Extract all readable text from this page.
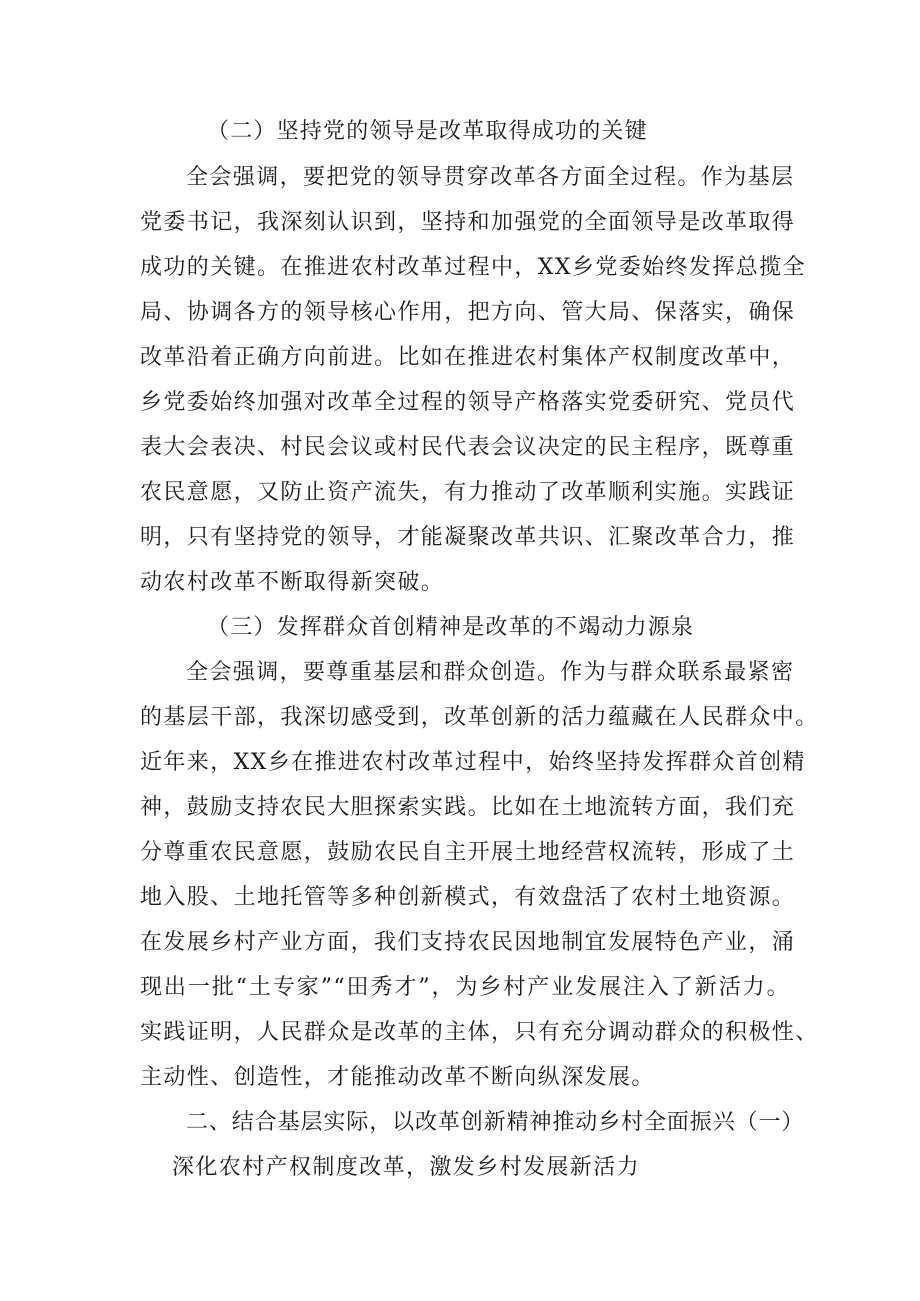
（二）坚持党的领导是改革取得成功的关键
全会强调，要把党的领导贯穿改革各方面全过程。作为基层
党委书记，我深刻认识到，坚持和加强党的全面领导是改革取得
成功的关键。在推进农村改革过程中，XX乡党委始终发挥总揽全
局、协调各方的领导核心作用，把方向、管大局、保落实，确保
改革沿着正确方向前进。比如在推进农村集体产权制度改革中，
乡党委始终加强对改革全过程的领导产格落实党委研究、党员代
表大会表决、村民会议或村民代表会议决定的民主程序，既尊重
农民意愿，又防止资产流失，有力推动了改革顺利实施。实践证
明，只有坚持党的领导，才能凝聚改革共识、汇聚改革合力，推
动农村改革不断取得新突破。
（三）发挥群众首创精神是改革的不竭动力源泉
全会强调，要尊重基层和群众创造。作为与群众联系最紧密
的基层干部，我深切感受到，改革创新的活力蕴藏在人民群众中。
近年来，XX乡在推进农村改革过程中，始终坚持发挥群众首创精
神，鼓励支持农民大胆探索实践。比如在土地流转方面，我们充
分尊重农民意愿，鼓励农民自主开展土地经营权流转，形成了土
地入股、土地托管等多种创新模式，有效盘活了农村土地资源。
在发展乡村产业方面，我们支持农民因地制宜发展特色产业，涌
现出一批“土专家”“田秀才”，为乡村产业发展注入了新活力。
实践证明，人民群众是改革的主体，只有充分调动群众的积极性、
主动性、创造性，才能推动改革不断向纵深发展。
二、结合基层实际，以改革创新精神推动乡村全面振兴（一）
深化农村产权制度改革，激发乡村发展新活力
